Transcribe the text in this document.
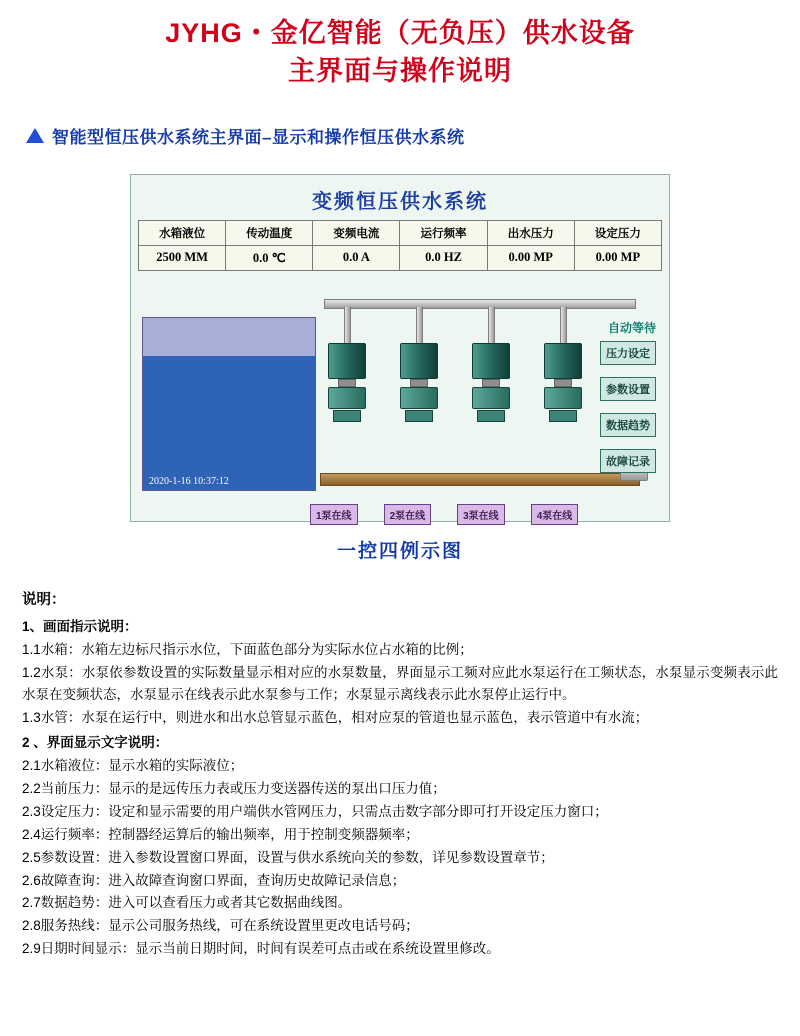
JYHG・金亿智能（无负压）供水设备
主界面与操作说明
智能型恒压供水系统主界面–显示和操作恒压供水系统
变频恒压供水系统
水箱液位	传动温度	变频电流	运行频率	出水压力	设定压力
2500 MM	0.0 ℃	0.0 A	0.0 HZ	0.00 MP	0.00 MP
2020-1-16 10:37:12
自动等待
压力设定
参数设置
数据趋势
故障记录
1泵在线	2泵在线	3泵在线	4泵在线
一控四例示图
说明：
1、画面指示说明：

1.1水箱：水箱左边标尺指示水位，下面蓝色部分为实际水位占水箱的比例；

1.2水泵：水泵依参数设置的实际数量显示相对应的水泵数量，界面显示工频对应此水泵运行在工频状态，水泵显示变频表示此水泵在变频状态，水泵显示在线表示此水泵参与工作；水泵显示离线表示此水泵停止运行中。

1.3水管：水泵在运行中，则进水和出水总管显示蓝色，相对应泵的管道也显示蓝色，表示管道中有水流；

2 、界面显示文字说明：

2.1水箱液位：显示水箱的实际液位；

2.2当前压力：显示的是远传压力表或压力变送器传送的泵出口压力值；

2.3设定压力：设定和显示需要的用户端供水管网压力，只需点击数字部分即可打开设定压力窗口；

2.4运行频率：控制器经运算后的输出频率，用于控制变频器频率；

2.5参数设置：进入参数设置窗口界面，设置与供水系统向关的参数，详见参数设置章节；

2.6故障查询：进入故障查询窗口界面，查询历史故障记录信息；

2.7数据趋势：进入可以查看压力或者其它数据曲线图。

2.8服务热线：显示公司服务热线，可在系统设置里更改电话号码；

2.9日期时间显示：显示当前日期时间，时间有误差可点击或在系统设置里修改。
